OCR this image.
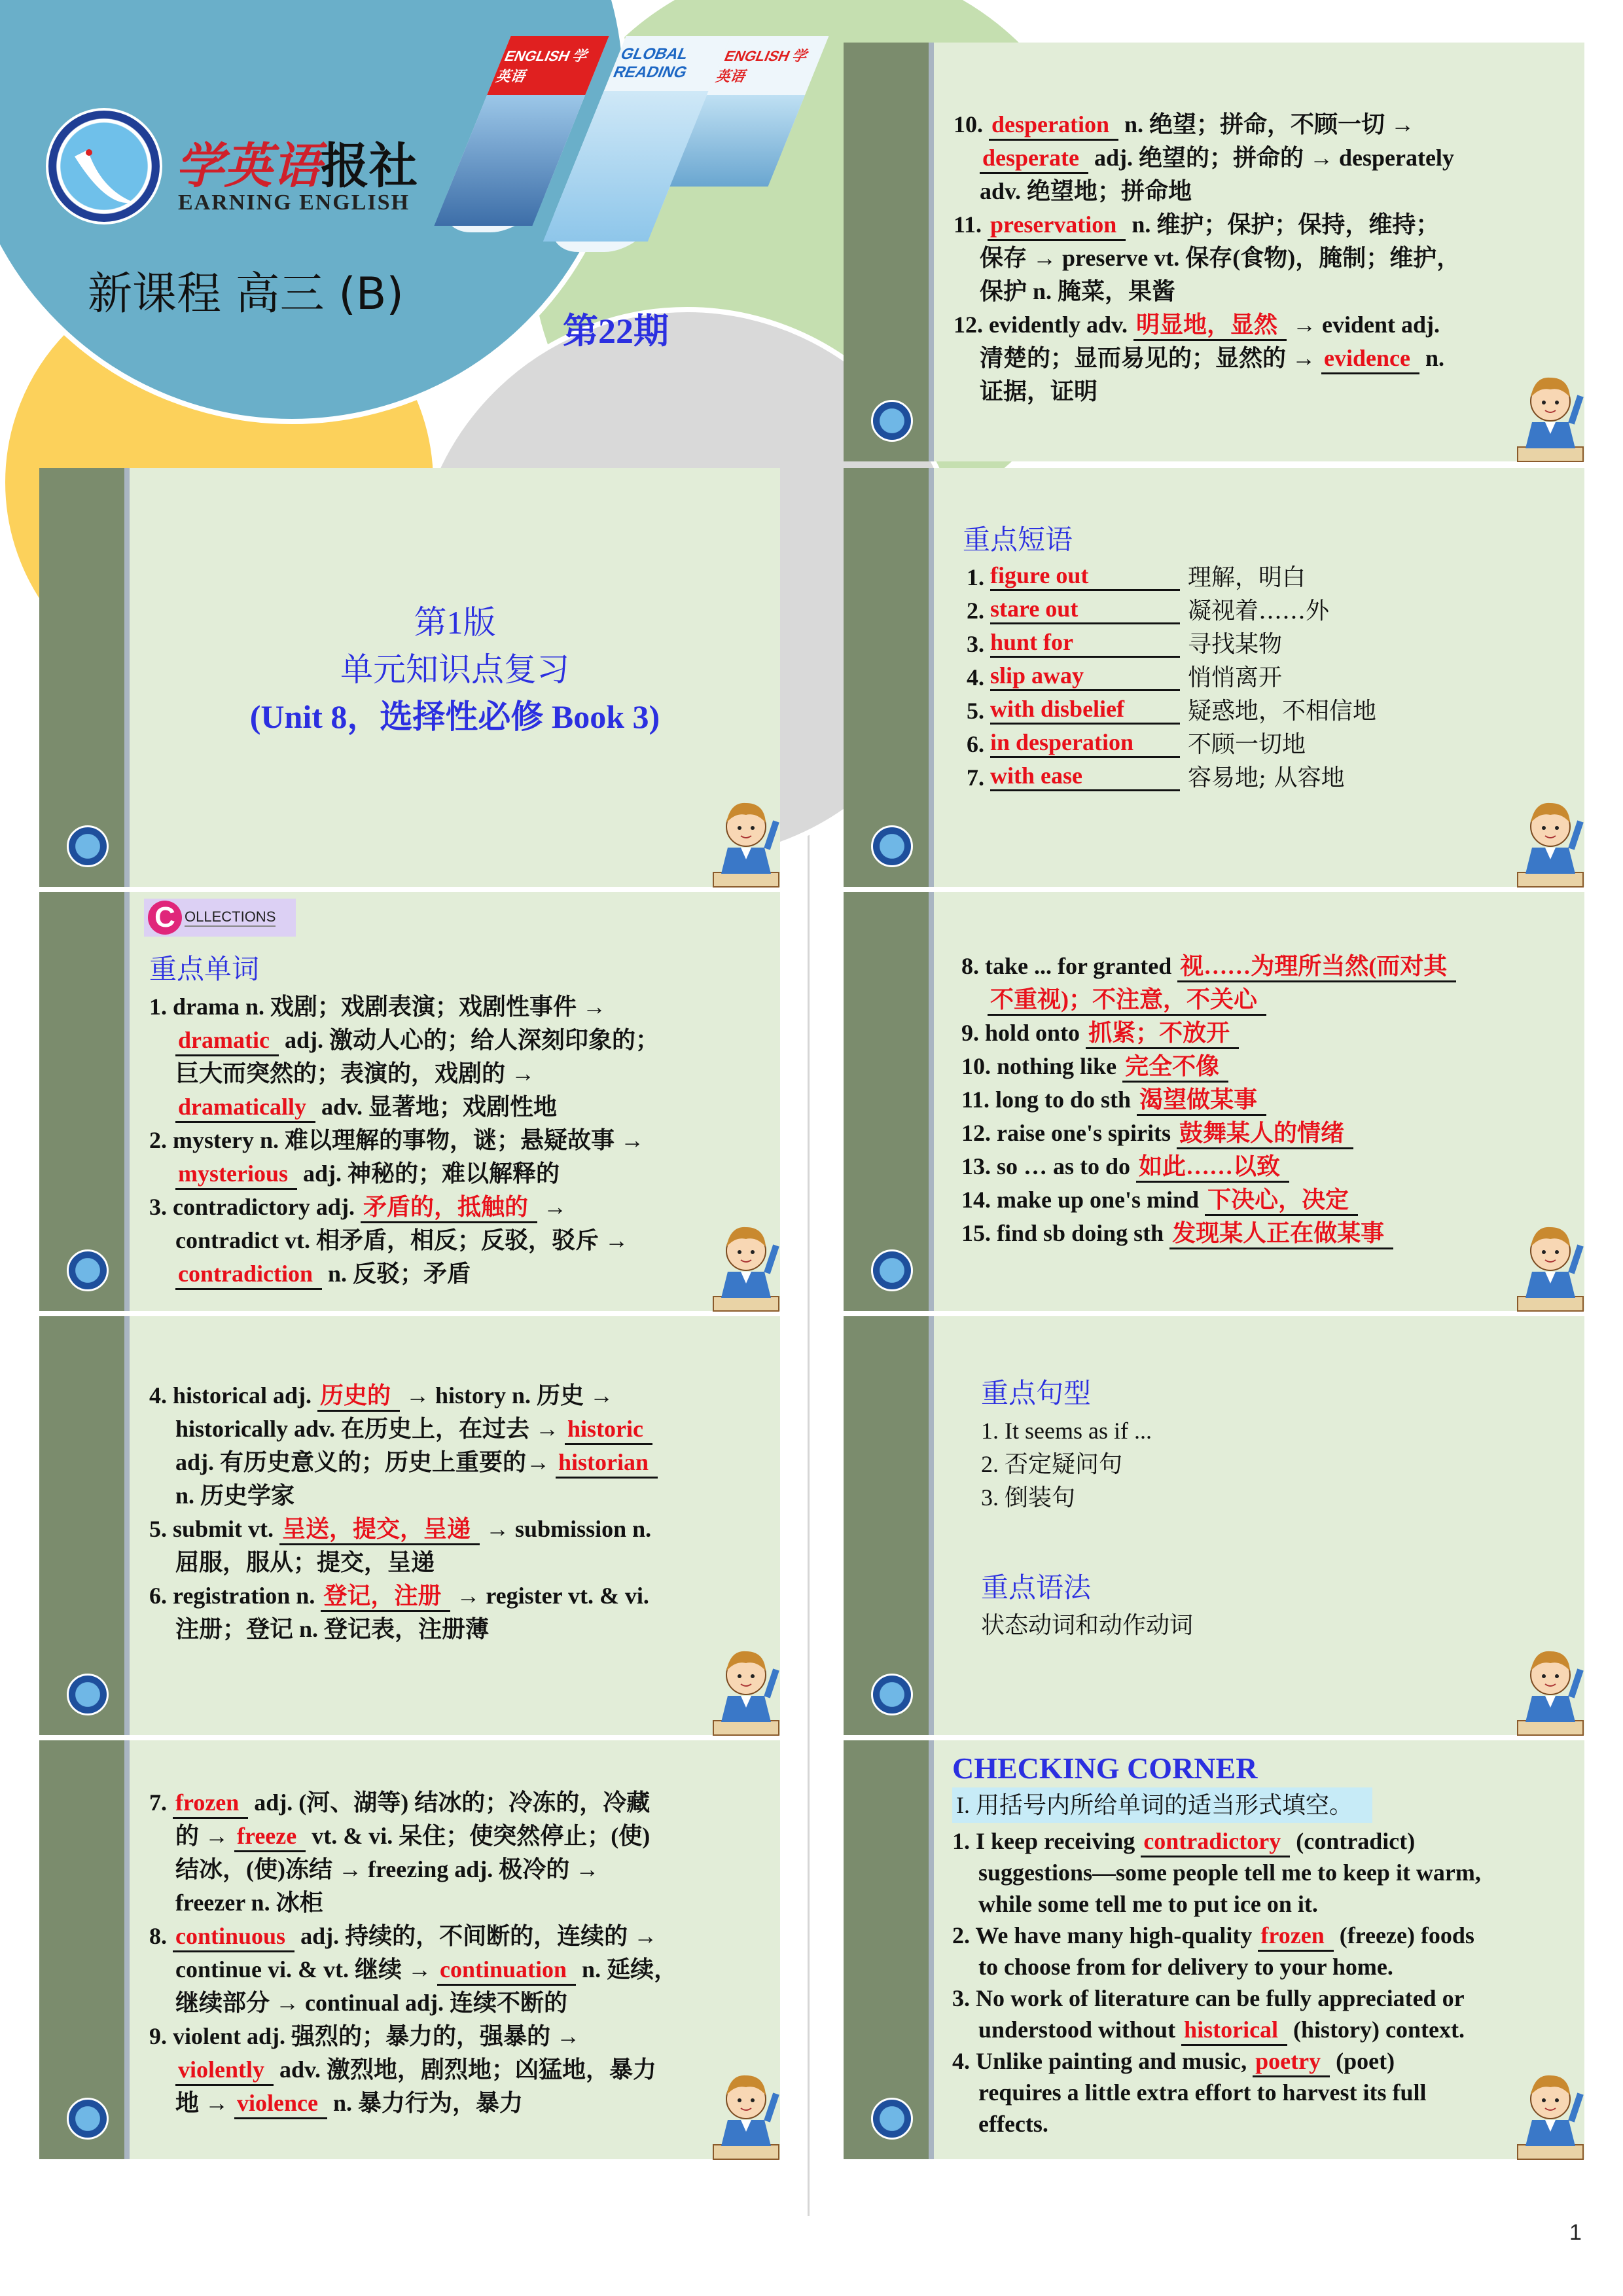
ENGLISH 学英语
GLOBAL READING
ENGLISH 学英语
学英语报社
EARNING ENGLISH
新课程 高三 (B)
第22期
第1版
单元知识点复习
(Unit 8，选择性必修 Book 3)
C OLLECTIONS
重点单词
1. drama n. 戏剧；戏剧表演；戏剧性事件 →
dramatic adj. 激动人心的；给人深刻印象的；
巨大而突然的；表演的，戏剧的 →
dramatically adv. 显著地；戏剧性地
2. mystery n. 难以理解的事物，谜；悬疑故事 →
mysterious adj. 神秘的；难以解释的
3. contradictory adj. 矛盾的，抵触的 →
contradict vt. 相矛盾，相反；反驳，驳斥 →
contradiction n. 反驳；矛盾
4. historical adj. 历史的 → history n. 历史 →
historically adv. 在历史上，在过去 → historic
adj. 有历史意义的；历史上重要的→ historian
n. 历史学家
5. submit vt. 呈送，提交，呈递 → submission n.
屈服，服从；提交，呈递
6. registration n. 登记，注册 → register vt. & vi.
注册；登记 n. 登记表，注册薄
7. frozen adj. (河、湖等) 结冰的；冷冻的，冷藏
的 → freeze vt. & vi. 呆住；使突然停止；(使)
结冰，(使)冻结 → freezing adj. 极冷的 →
freezer n. 冰柜
8. continuous adj. 持续的，不间断的，连续的 →
continue vi. & vt. 继续 → continuation n. 延续，
继续部分 → continual adj. 连续不断的
9. violent adj. 强烈的；暴力的，强暴的 →
violently adv. 激烈地，剧烈地；凶猛地，暴力
地 → violence n. 暴力行为，暴力
10. desperation n. 绝望；拼命，不顾一切 →
desperate adj. 绝望的；拼命的 → desperately
adv. 绝望地；拼命地
11. preservation n. 维护；保护；保持，维持；
保存 → preserve vt. 保存(食物)，腌制；维护，
保护 n. 腌菜，果酱
12. evidently adv. 明显地，显然 → evident adj.
清楚的；显而易见的；显然的 → evidence n.
证据，证明
重点短语
1. figure out	理解，明白
2. stare out	凝视着……外
3. hunt for	寻找某物
4. slip away	悄悄离开
5. with disbelief	疑惑地，不相信地
6. in desperation	不顾一切地
7. with ease	容易地; 从容地
8. take ... for granted 视……为理所当然(而对其
不重视)；不注意，不关心
9. hold onto 抓紧；不放开
10. nothing like 完全不像
11. long to do sth 渴望做某事
12. raise one's spirits 鼓舞某人的情绪
13. so … as to do 如此……以致
14. make up one's mind 下决心，决定
15. find sb doing sth 发现某人正在做某事
重点句型
1. It seems as if ...
2. 否定疑问句
3. 倒装句
重点语法
状态动词和动作动词
CHECKING CORNER
I. 用括号内所给单词的适当形式填空。
1. I keep receiving contradictory (contradict)
suggestions—some people tell me to keep it warm,
while some tell me to put ice on it.
2. We have many high-quality frozen (freeze) foods
to choose from for delivery to your home.
3. No work of literature can be fully appreciated or
understood without historical (history) context.
4. Unlike painting and music, poetry (poet)
requires a little extra effort to harvest its full
effects.
1
